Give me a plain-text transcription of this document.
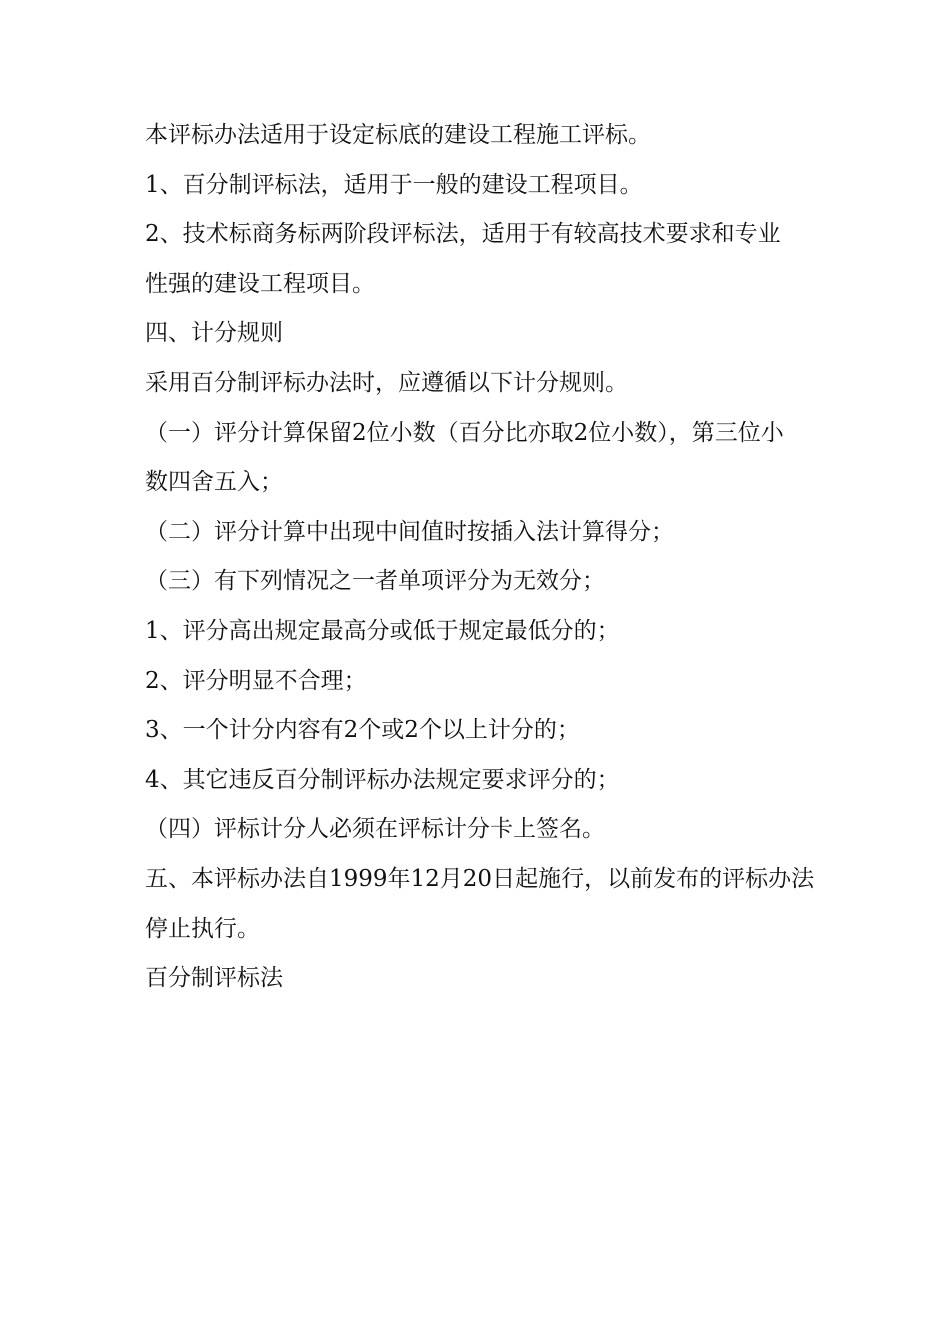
本评标办法适用于设定标底的建设工程施工评标。

1、百分制评标法，适用于一般的建设工程项目。

2、技术标商务标两阶段评标法，适用于有较高技术要求和专业

性强的建设工程项目。

四、计分规则

采用百分制评标办法时，应遵循以下计分规则。

（一）评分计算保留2位小数（百分比亦取2位小数），第三位小

数四舍五入；

（二）评分计算中出现中间值时按插入法计算得分；

（三）有下列情况之一者单项评分为无效分；

1、评分高出规定最高分或低于规定最低分的；

2、评分明显不合理；

3、一个计分内容有2个或2个以上计分的；

4、其它违反百分制评标办法规定要求评分的；

（四）评标计分人必须在评标计分卡上签名。

五、本评标办法自1999年12月20日起施行，以前发布的评标办法

停止执行。

百分制评标法
